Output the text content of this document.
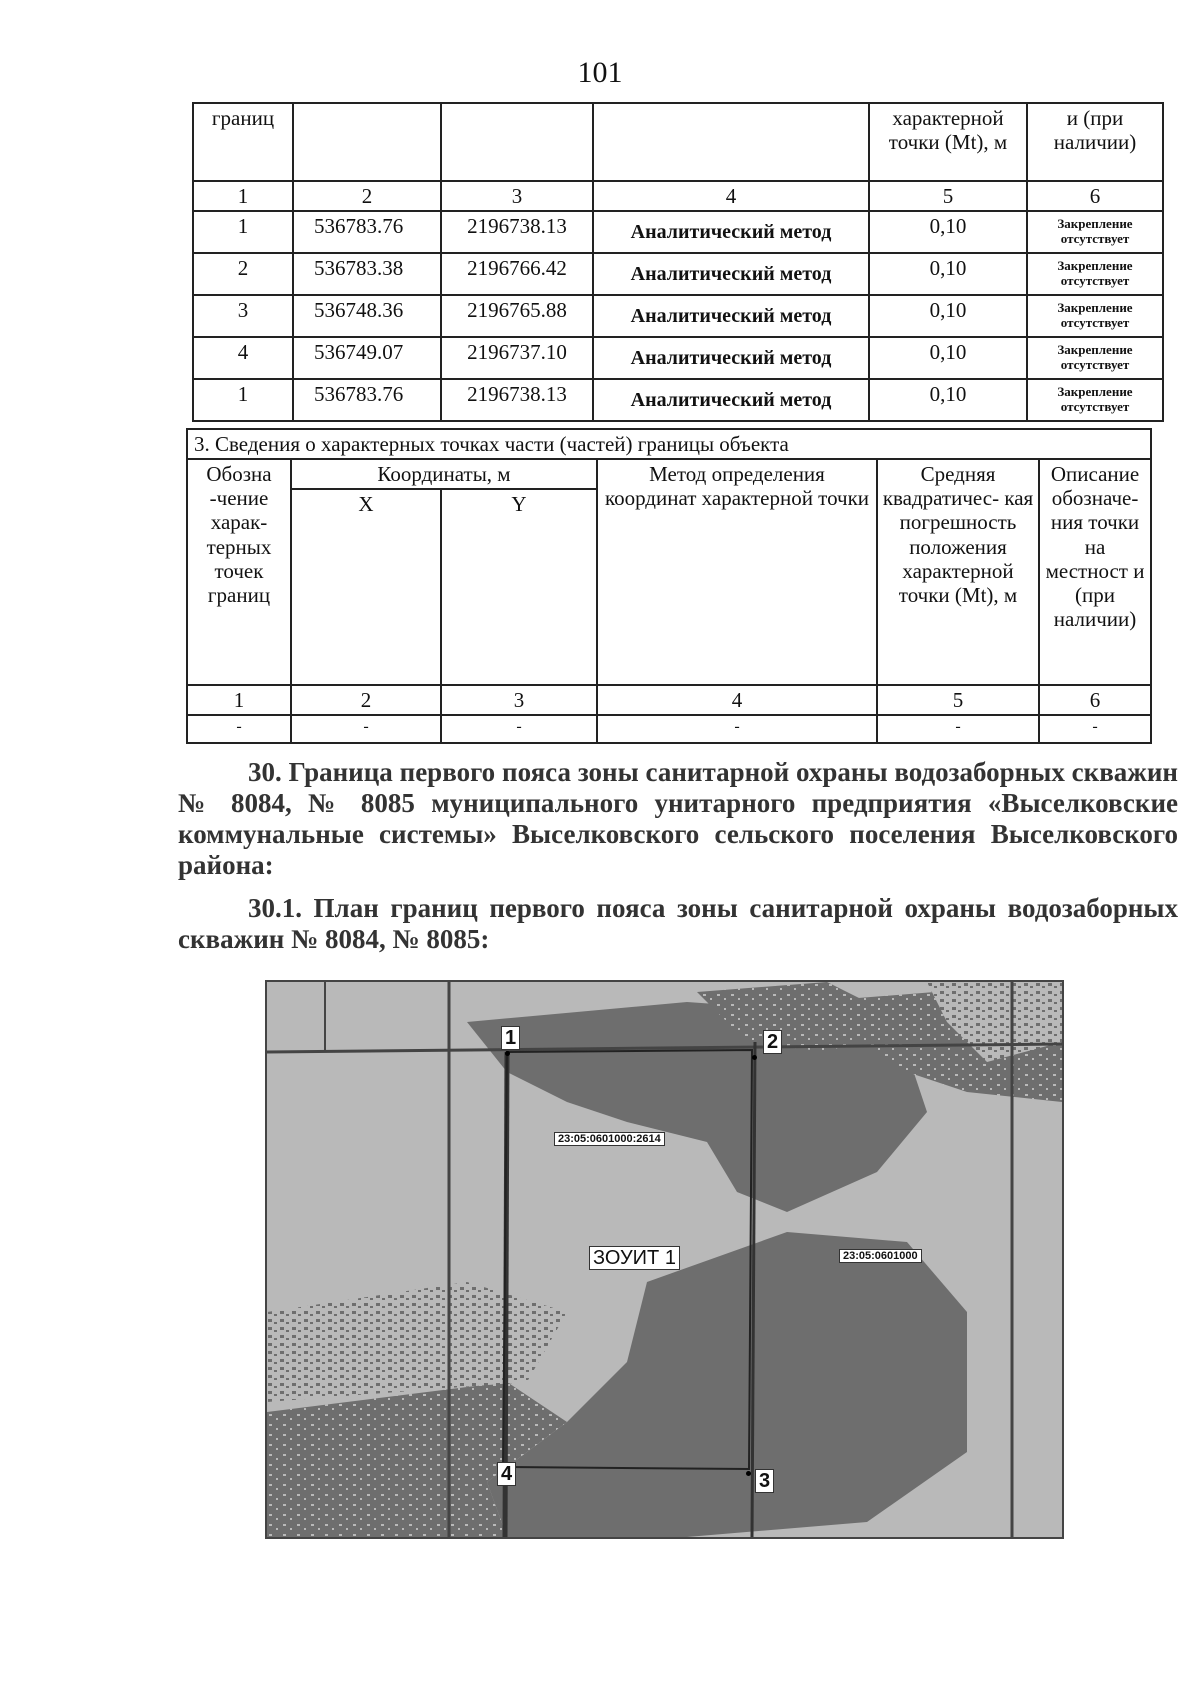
101
границ				характерной точки (Mt), м	и (при наличии)
1	2	3	4	5	6
1	536783.76	2196738.13	Аналитический метод	0,10	Закрепление отсутствует
2	536783.38	2196766.42	Аналитический метод	0,10	Закрепление отсутствует
3	536748.36	2196765.88	Аналитический метод	0,10	Закрепление отсутствует
4	536749.07	2196737.10	Аналитический метод	0,10	Закрепление отсутствует
1	536783.76	2196738.13	Аналитический метод	0,10	Закрепление отсутствует
3. Сведения о характерных точках части (частей) границы объекта					
Обозна -чение харак- терных точек границ	Координаты, м		Метод определения координат характерной точки	Средняя квадратичес- кая погрешность положения характерной точки (Mt), м	Описание обозначе- ния точки на местност и (при наличии)
	X	Y			
1	2	3	4	5	6
-	-	-	-	-	-
30. Граница первого пояса зоны санитарной охраны водозаборных скважин № 8084, № 8085 муниципального унитарного предприятия «Выселковские коммунальные системы» Выселковского сельского поселения Выселковского района:
30.1. План границ первого пояса зоны санитарной охраны водозаборных скважин № 8084, № 8085:
1	2
3
4
23:05:0601000:2614
23:05:0601000
ЗОУИТ 1
